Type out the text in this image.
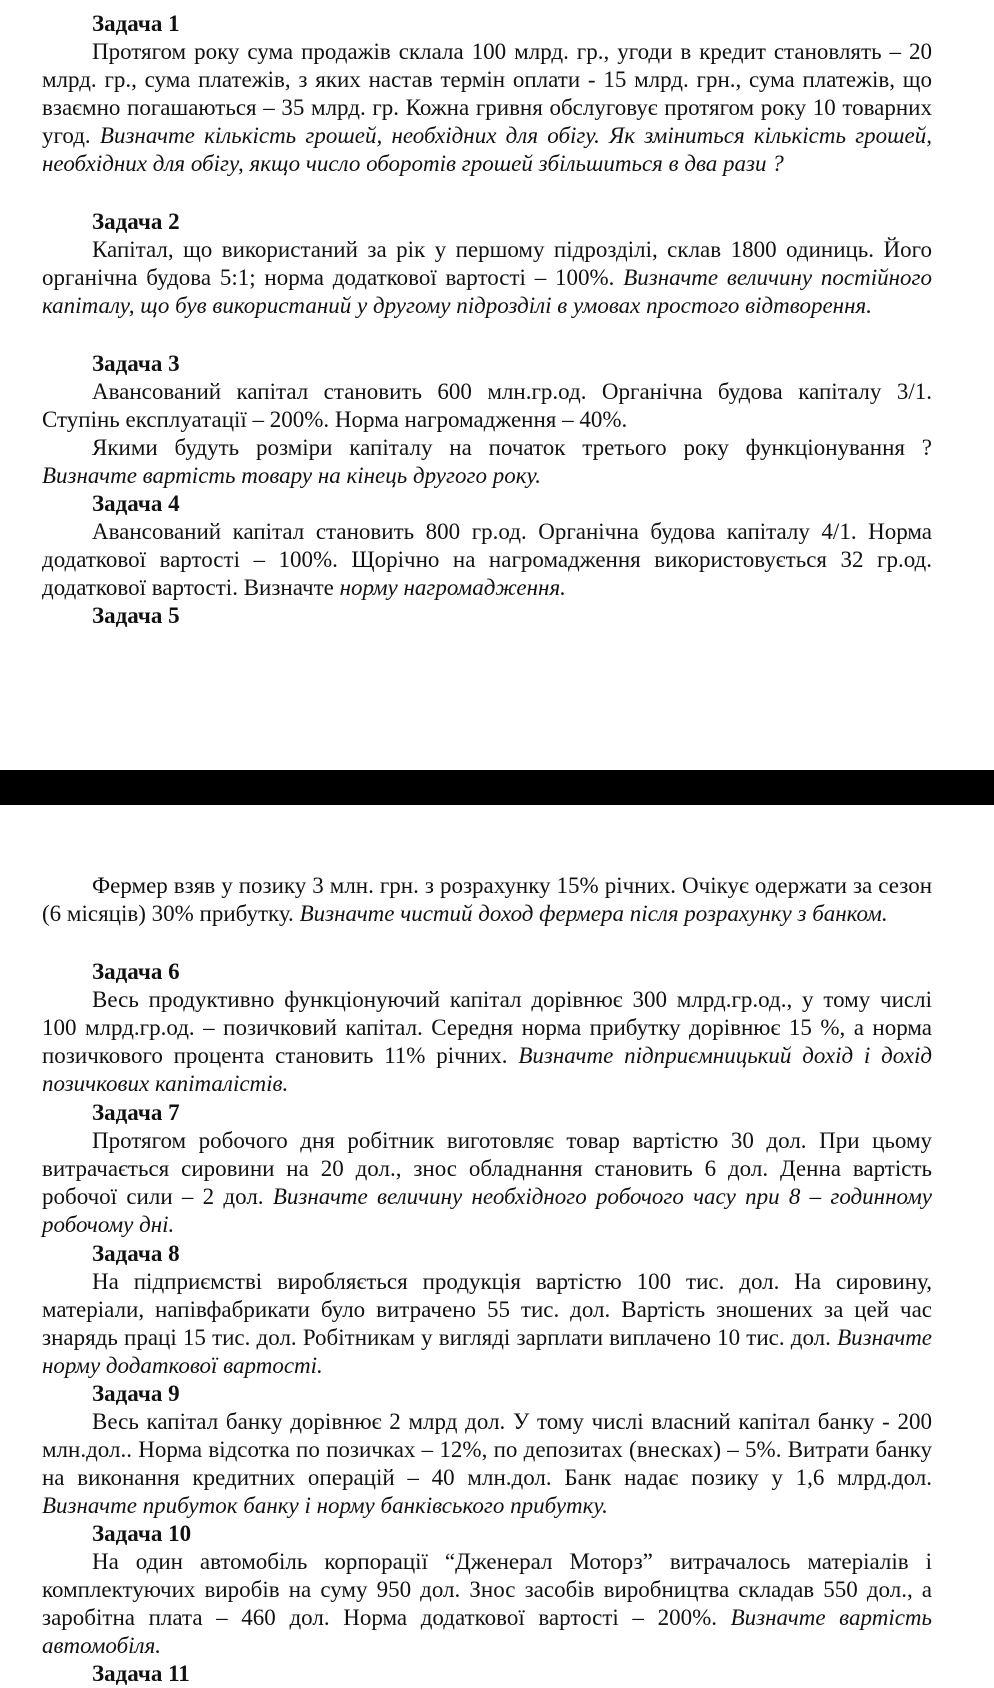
Задача 1

Протягом року сума продажів склала 100 млрд. гр., угоди в кредит становлять – 20 млрд. гр., сума платежів, з яких настав термін оплати - 15 млрд. грн., сума платежів, що взаємно погашаються – 35 млрд. гр. Кожна гривня обслуговує протягом року 10 товарних угод. Визначте кількість грошей, необхідних для обігу. Як зміниться кількість грошей, необхідних для обігу, якщо число оборотів грошей збільшиться в два рази ?

Задача 2

Капітал, що використаний за рік у першому підрозділі, склав 1800 одиниць. Його органічна будова 5:1; норма додаткової вартості – 100%. Визначте величину постійного капіталу, що був використаний у другому підрозділі в умовах простого відтворення.

Задача 3

Авансований капітал становить 600 млн.гр.од. Органічна будова капіталу 3/1. Ступінь експлуатації – 200%. Норма нагромадження – 40%.

Якими будуть розміри капіталу на початок третього року функціонування ? Визначте вартість товару на кінець другого року.

Задача 4

Авансований капітал становить 800 гр.од. Органічна будова капіталу 4/1. Норма додаткової вартості – 100%. Щорічно на нагромадження використовується 32 гр.од. додаткової вартості. Визначте норму нагромадження.

Задача 5

Фермер взяв у позику 3 млн. грн. з розрахунку 15% річних. Очікує одержати за сезон (6 місяців) 30% прибутку. Визначте чистий доход фермера після розрахунку з банком.

Задача 6

Весь продуктивно функціонуючий капітал дорівнює 300 млрд.гр.од., у тому числі 100 млрд.гр.од. – позичковий капітал. Середня норма прибутку дорівнює 15 %, а норма позичкового процента становить 11% річних. Визначте підприємницький дохід і дохід позичкових капіталістів.

Задача 7

Протягом робочого дня робітник виготовляє товар вартістю 30 дол. При цьому витрачається сировини на 20 дол., знос обладнання становить 6 дол. Денна вартість робочої сили – 2 дол. Визначте величину необхідного робочого часу при 8 – годинному робочому дні.

Задача 8

На підприємстві виробляється продукція вартістю 100 тис. дол. На сировину, матеріали, напівфабрикати було витрачено 55 тис. дол. Вартість зношених за цей час знарядь праці 15 тис. дол. Робітникам у вигляді зарплати виплачено 10 тис. дол. Визначте норму додаткової вартості.

Задача 9

Весь капітал банку дорівнює 2 млрд дол. У тому числі власний капітал банку - 200 млн.дол.. Норма відсотка по позичках – 12%, по депозитах (внесках) – 5%. Витрати банку на виконання кредитних операцій – 40 млн.дол. Банк надає позику у 1,6 млрд.дол. Визначте прибуток банку і норму банківського прибутку.

Задача 10

На один автомобіль корпорації “Дженерал Моторз” витрачалось матеріалів і комплектуючих виробів на суму 950 дол. Знос засобів виробництва складав 550 дол., а заробітна плата – 460 дол. Норма додаткової вартості – 200%. Визначте вартість автомобіля.

Задача 11
